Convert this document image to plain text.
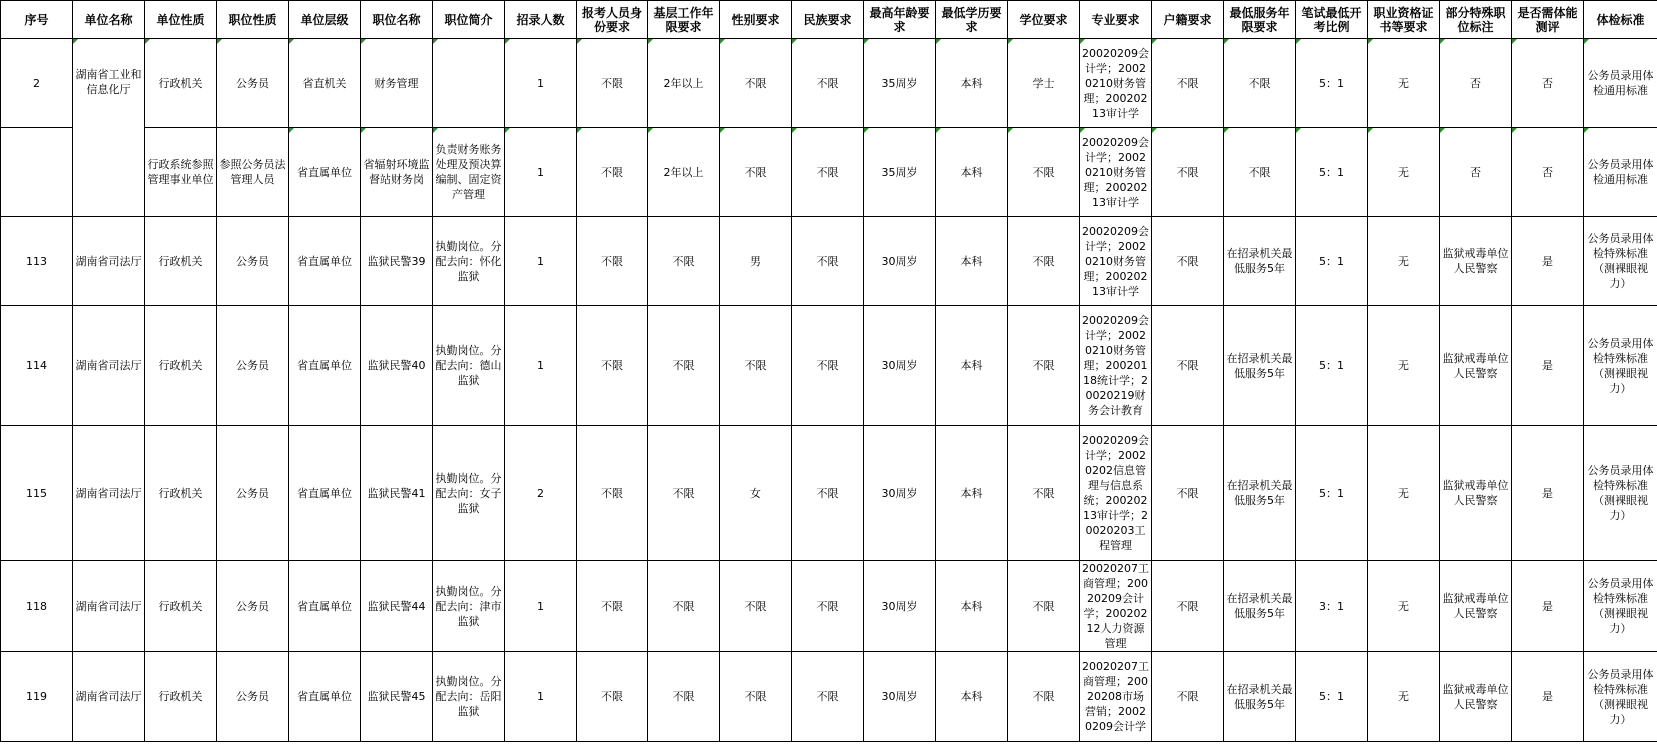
序号	单位名称	单位性质	职位性质	单位层级	职位名称	职位简介	招录人数	报考人员身份要求	基层工作年限要求	性别要求	民族要求	最高年龄要求	最低学历要求	学位要求	专业要求	户籍要求	最低服务年限要求	笔试最低开考比例	职业资格证书等要求	部分特殊职位标注	是否需体能测评	体检标准
2	湖南省工业和信息化厅	行政机关	公务员	省直机关	财务管理		1	不限	2年以上	不限	不限	35周岁	本科	学士	20020209会计学；20020210财务管理；20020213审计学	不限	不限	5：1	无	否	否	公务员录用体检通用标准
		行政系统参照管理事业单位	参照公务员法管理人员	省直属单位	省辐射环境监督站财务岗	负责财务账务处理及预决算编制、固定资产管理	1	不限	2年以上	不限	不限	35周岁	本科	不限	20020209会计学；20020210财务管理；20020213审计学	不限	不限	5：1	无	否	否	公务员录用体检通用标准
113	湖南省司法厅	行政机关	公务员	省直属单位	监狱民警39	执勤岗位。分配去向：怀化监狱	1	不限	不限	男	不限	30周岁	本科	不限	20020209会计学；20020210财务管理；20020213审计学	不限	在招录机关最低服务5年	5：1	无	监狱戒毒单位人民警察	是	公务员录用体检特殊标准（测裸眼视力）
114	湖南省司法厅	行政机关	公务员	省直属单位	监狱民警40	执勤岗位。分配去向：德山监狱	1	不限	不限	不限	不限	30周岁	本科	不限	20020209会计学；20020210财务管理；20020118统计学；20020219财务会计教育	不限	在招录机关最低服务5年	5：1	无	监狱戒毒单位人民警察	是	公务员录用体检特殊标准（测裸眼视力）
115	湖南省司法厅	行政机关	公务员	省直属单位	监狱民警41	执勤岗位。分配去向：女子监狱	2	不限	不限	女	不限	30周岁	本科	不限	20020209会计学；20020202信息管理与信息系统；20020213审计学；20020203工程管理	不限	在招录机关最低服务5年	5：1	无	监狱戒毒单位人民警察	是	公务员录用体检特殊标准（测裸眼视力）
118	湖南省司法厅	行政机关	公务员	省直属单位	监狱民警44	执勤岗位。分配去向：津市监狱	1	不限	不限	不限	不限	30周岁	本科	不限	20020207工商管理；20020209会计学；20020212人力资源管理	不限	在招录机关最低服务5年	3：1	无	监狱戒毒单位人民警察	是	公务员录用体检特殊标准（测裸眼视力）
119	湖南省司法厅	行政机关	公务员	省直属单位	监狱民警45	执勤岗位。分配去向：岳阳监狱	1	不限	不限	不限	不限	30周岁	本科	不限	20020207工商管理；20020208市场营销；20020209会计学	不限	在招录机关最低服务5年	5：1	无	监狱戒毒单位人民警察	是	公务员录用体检特殊标准（测裸眼视力）
